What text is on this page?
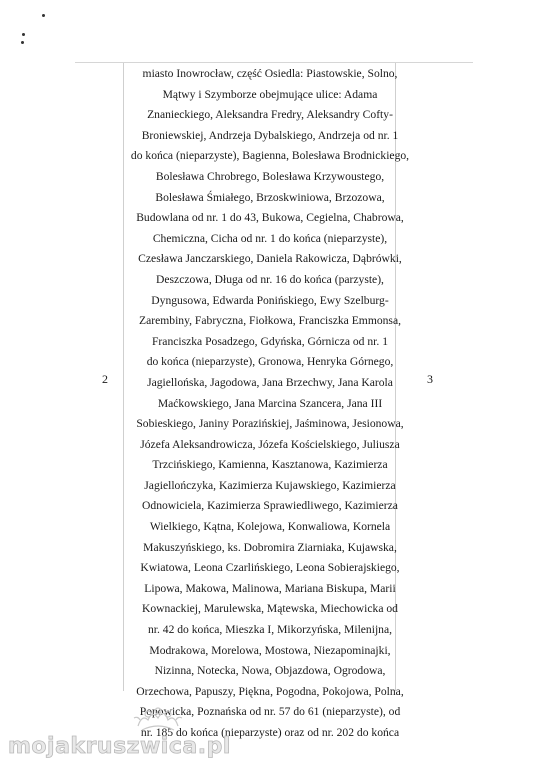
2	3
miasto Inowrocław, część Osiedla: Piastowskie, Solno,
Mątwy i Szymborze obejmujące ulice: Adama
Znanieckiego, Aleksandra Fredry, Aleksandry Cofty-
Broniewskiej, Andrzeja Dybalskiego, Andrzeja od nr. 1
do końca (nieparzyste), Bagienna, Bolesława Brodnickiego,
Bolesława Chrobrego, Bolesława Krzywoustego,
Bolesława Śmiałego, Brzoskwiniowa, Brzozowa,
Budowlana od nr. 1 do 43, Bukowa, Cegielna, Chabrowa,
Chemiczna, Cicha od nr. 1 do końca (nieparzyste),
Czesława Janczarskiego, Daniela Rakowicza, Dąbrówki,
Deszczowa, Długa od nr. 16 do końca (parzyste),
Dyngusowa, Edwarda Ponińskiego, Ewy Szelburg-
Zarembiny, Fabryczna, Fiołkowa, Franciszka Emmonsa,
Franciszka Posadzego, Gdyńska, Górnicza od nr. 1
do końca (nieparzyste), Gronowa, Henryka Górnego,
Jagiellońska, Jagodowa, Jana Brzechwy, Jana Karola
Maćkowskiego, Jana Marcina Szancera, Jana III
Sobieskiego, Janiny Porazińskiej, Jaśminowa, Jesionowa,
Józefa Aleksandrowicza, Józefa Kościelskiego, Juliusza
Trzcińskiego, Kamienna, Kasztanowa, Kazimierza
Jagiellończyka, Kazimierza Kujawskiego, Kazimierza
Odnowiciela, Kazimierza Sprawiedliwego, Kazimierza
Wielkiego, Kątna, Kolejowa, Konwaliowa, Kornela
Makuszyńskiego, ks. Dobromira Ziarniaka, Kujawska,
Kwiatowa, Leona Czarlińskiego, Leona Sobierajskiego,
Lipowa, Makowa, Malinowa, Mariana Biskupa, Marii
Kownackiej, Marulewska, Mątewska, Miechowicka od
nr. 42 do końca, Mieszka I, Mikorzyńska, Milenijna,
Modrakowa, Morelowa, Mostowa, Niezapominajki,
Nizinna, Notecka, Nowa, Objazdowa, Ogrodowa,
Orzechowa, Papuszy, Piękna, Pogodna, Pokojowa, Polna,
Popowicka, Poznańska od nr. 57 do 61 (nieparzyste), od
nr. 185 do końca (nieparzyste) oraz od nr. 202 do końca
mojakruszwica.pl
